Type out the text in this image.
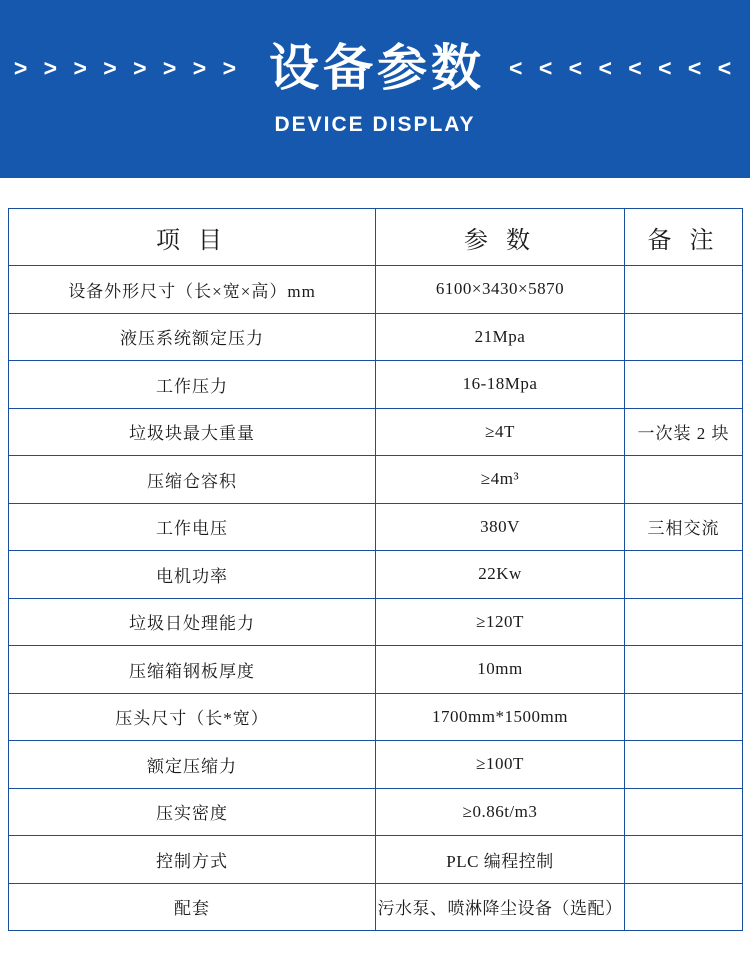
> > > > > > > > 设备参数 < < < < < < < <
DEVICE DISPLAY
项 目	参 数	备 注
设备外形尺寸（长×宽×高）mm	6100×3430×5870	
液压系统额定压力	21Mpa	
工作压力	16-18Mpa	
垃圾块最大重量	≥4T	一次装 2 块
压缩仓容积	≥4m³	
工作电压	380V	三相交流
电机功率	22Kw	
垃圾日处理能力	≥120T	
压缩箱钢板厚度	10mm	
压头尺寸（长*宽）	1700mm*1500mm	
额定压缩力	≥100T	
压实密度	≥0.86t/m3	
控制方式	PLC 编程控制	
配套	污水泵、喷淋降尘设备（选配）	
